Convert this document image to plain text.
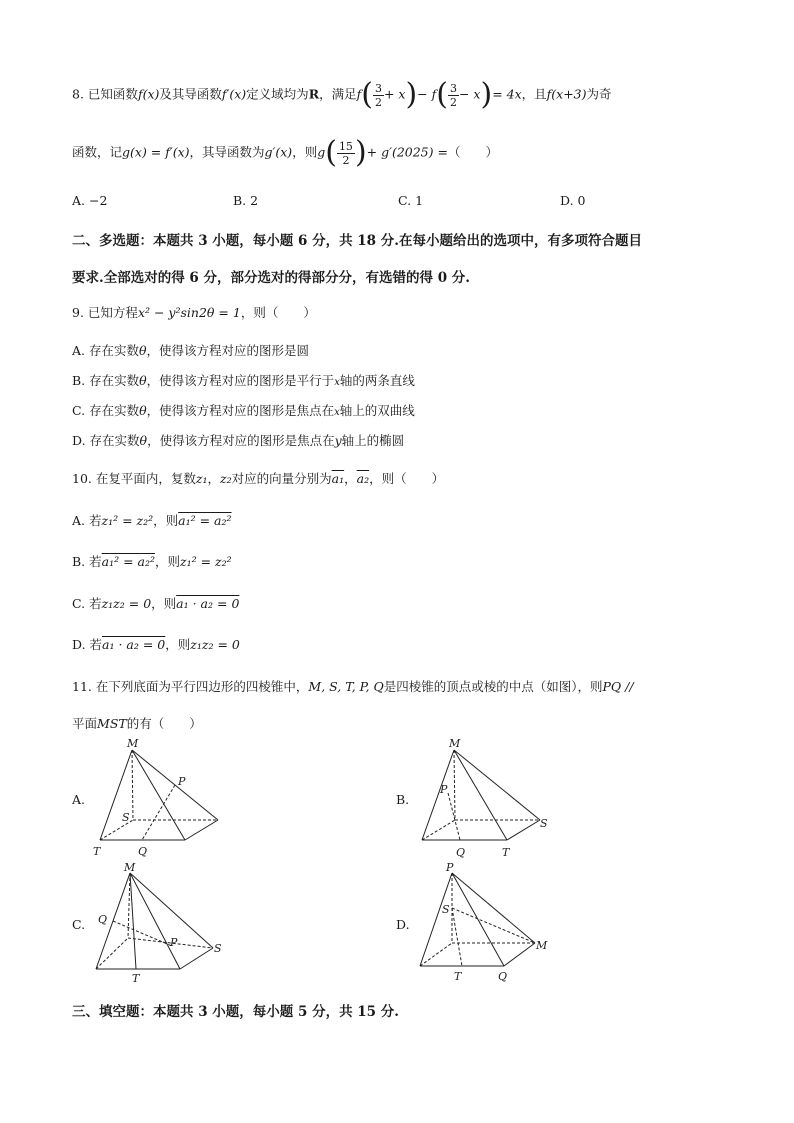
8. 已知函数f(x)及其导函数f′(x)定义域均为R，满足$f( \frac{3}{2} + x)- f( \frac{3}{2} - x)= 4x$，且f(x+3)为奇
函数，记g(x) = f′(x)，其导函数为g′(x)，则$g( \frac{15}{2}$ )+ g′(2025) =（　　）
A. −2	B. 2	C. 1	D. 0
二、多选题：本题共 3 小题，每小题 6 分，共 18 分.在每小题给出的选项中，有多项符合题目
要求.全部选对的得 6 分，部分选对的得部分分，有选错的得 0 分.
9. 已知方程x² − y²sin2θ = 1，则（　　）
A. 存在实数θ，使得该方程对应的图形是圆
B. 存在实数θ，使得该方程对应的图形是平行于x轴的两条直线
C. 存在实数θ，使得该方程对应的图形是焦点在x轴上的双曲线
D. 存在实数θ，使得该方程对应的图形是焦点在y轴上的椭圆
10. 在复平面内，复数z₁，z₂对应的向量分别为a₁，a₂，则（　　）
A. 若z₁² = z₂²，则a₁² = a₂²
B. 若a₁² = a₂²，则z₁² = z₂²
C. 若z₁z₂ = 0，则a₁ · a₂ = 0
D. 若a₁ · a₂ = 0，则z₁z₂ = 0
11. 在下列底面为平行四边形的四棱锥中，M, S, T, P, Q是四棱锥的顶点或棱的中点（如图），则PQ //
平面MST的有（　　）
A.
M
P
S
T	Q
B.
M
P
S
Q	T
C.
M
Q
P	S
T
D.
P
S
M
T	Q
三、填空题：本题共 3 小题，每小题 5 分，共 15 分.
